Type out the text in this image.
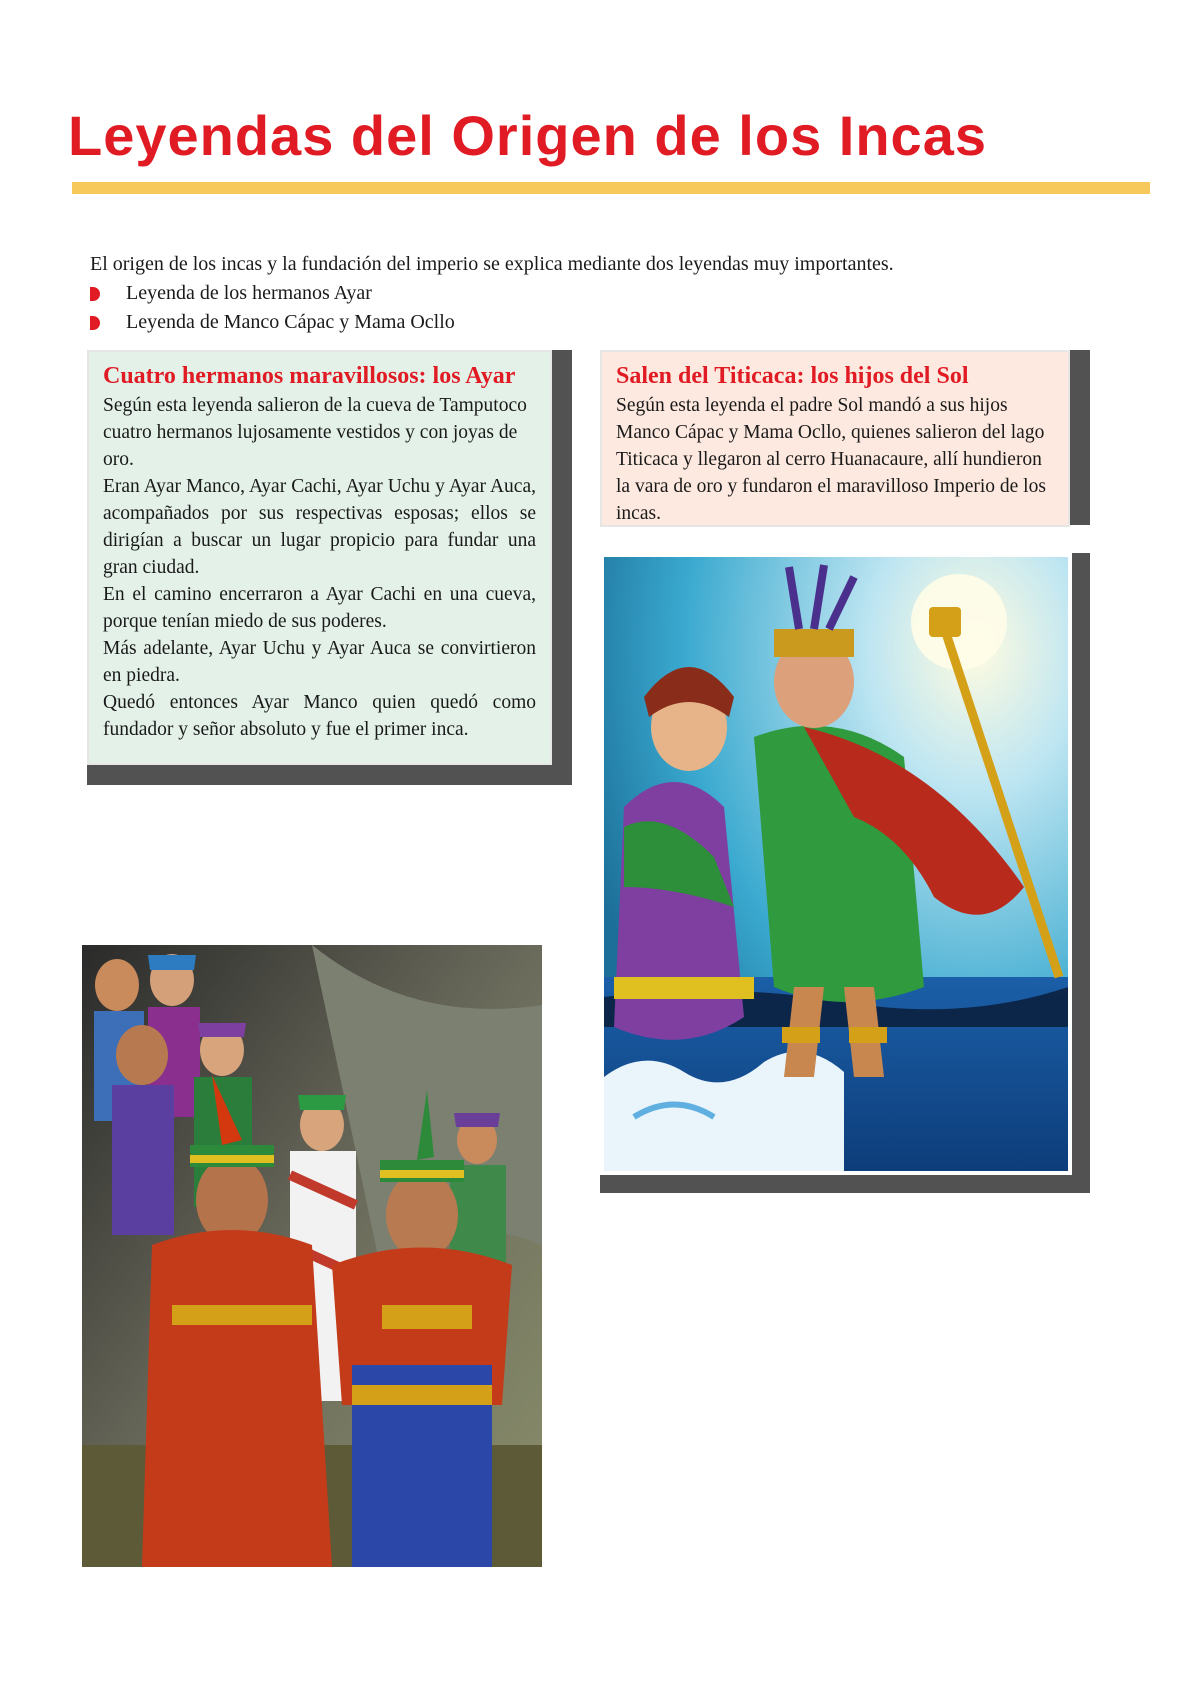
Leyendas del Origen de los Incas

El origen de los incas y la fundación del imperio se explica mediante dos leyendas muy importantes.

Leyenda de los hermanos Ayar
Leyenda de Manco Cápac y Mama Ocllo
Cuatro hermanos maravillosos: los Ayar

Según esta leyenda salieron de la cueva de Tamputoco cuatro hermanos lujosamente vestidos y con joyas de oro.

Eran Ayar Manco, Ayar Cachi, Ayar Uchu y Ayar Auca, acompañados por sus respectivas esposas; ellos se dirigían a buscar un lugar propicio para fundar una gran ciudad.

En el camino encerraron a Ayar Cachi en una cueva, porque tenían miedo de sus poderes.

Más adelante, Ayar Uchu y Ayar Auca se convirtieron en piedra.

Quedó entonces Ayar Manco quien quedó como fundador y señor absoluto y fue el primer inca.

Salen del Titicaca: los hijos del Sol

Según esta leyenda el padre Sol mandó a sus hijos Manco Cápac y Mama Ocllo, quienes salieron del lago Titicaca y llegaron al cerro Huanacaure, allí hundieron la vara de oro y fundaron el maravilloso Imperio de los incas.
